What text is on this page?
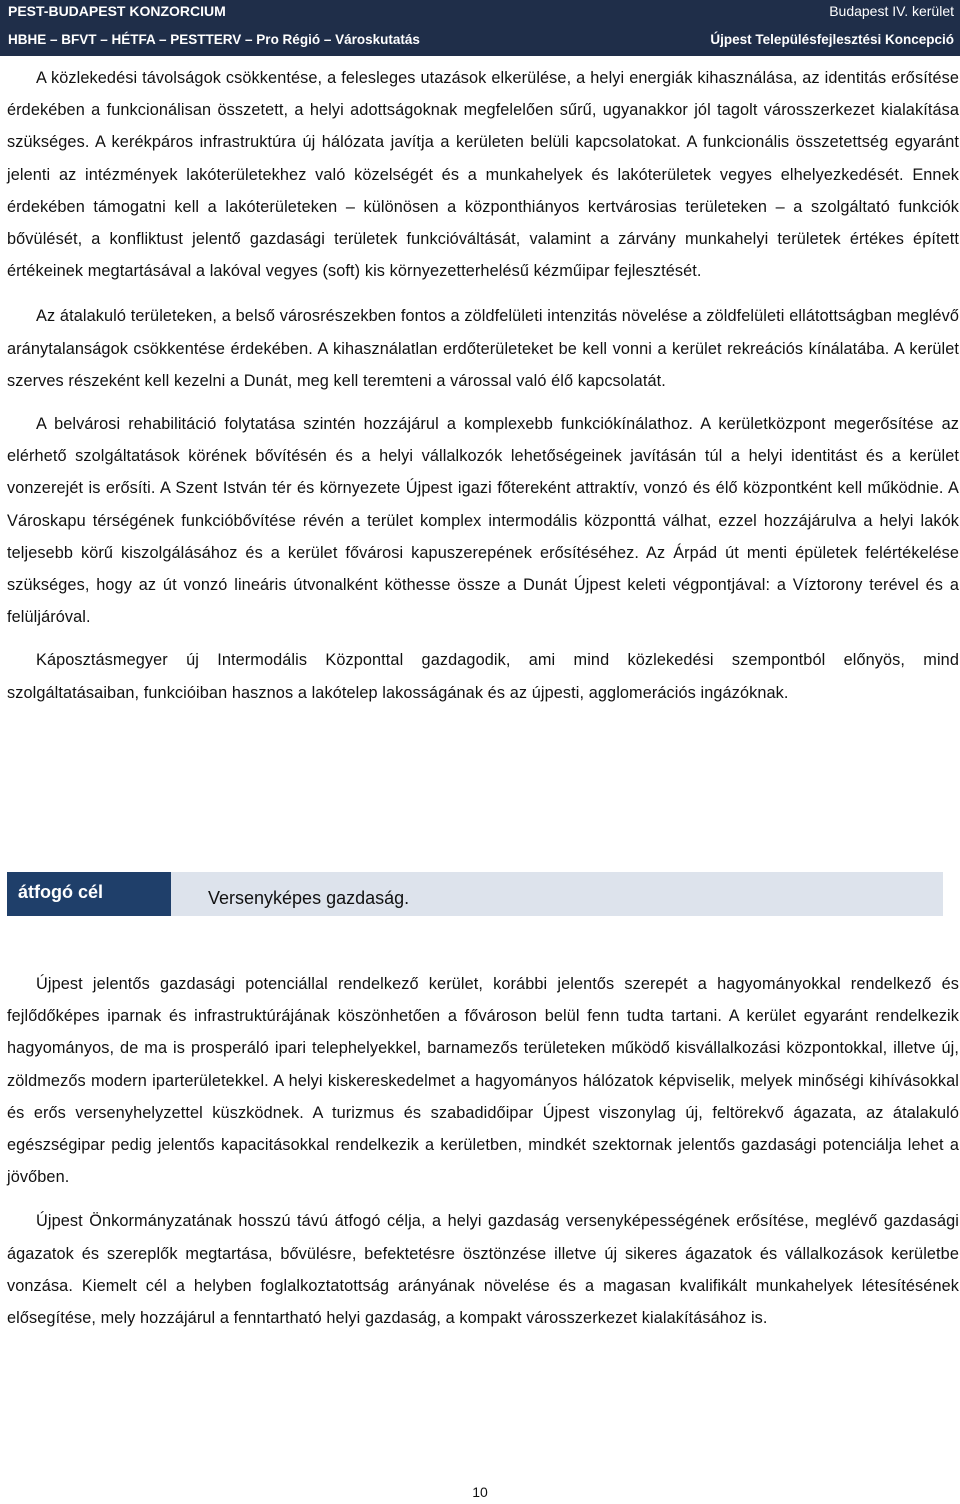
PEST-BUDAPEST KONZORCIUM	Budapest IV. kerület
HBHE – BFVT – HÉTFA – PESTTERV – Pro Régió – Városkutatás	Újpest Településfejlesztési Koncepció

A közlekedési távolságok csökkentése, a felesleges utazások elkerülése, a helyi energiák kihasználása, az identitás erősítése érdekében a funkcionálisan összetett, a helyi adottságoknak megfelelően sűrű, ugyanakkor jól tagolt városszerkezet kialakítása szükséges. A kerékpáros infrastruktúra új hálózata javítja a kerületen belüli kapcsolatokat. A funkcionális összetettség egyaránt jelenti az intézmények lakóterületekhez való közelségét és a munkahelyek és lakóterületek vegyes elhelyezkedését. Ennek érdekében támogatni kell a lakóterületeken – különösen a központhiányos kertvárosias területeken – a szolgáltató funkciók bővülését, a konfliktust jelentő gazdasági területek funkcióváltását, valamint a zárvány munkahelyi területek értékes épített értékeinek megtartásával a lakóval vegyes (soft) kis környezetterhelésű kézműipar fejlesztését.

Az átalakuló területeken, a belső városrészekben fontos a zöldfelületi intenzitás növelése a zöldfelületi ellátottságban meglévő aránytalanságok csökkentése érdekében. A kihasználatlan erdőterületeket be kell vonni a kerület rekreációs kínálatába. A kerület szerves részeként kell kezelni a Dunát, meg kell teremteni a várossal való élő kapcsolatát.

A belvárosi rehabilitáció folytatása szintén hozzájárul a komplexebb funkciókínálathoz. A kerületközpont megerősítése az elérhető szolgáltatások körének bővítésén és a helyi vállalkozók lehetőségeinek javításán túl a helyi identitást és a kerület vonzerejét is erősíti. A Szent István tér és környezete Újpest igazi főtereként attraktív, vonzó és élő központként kell működnie. A Városkapu térségének funkcióbővítése révén a terület komplex intermodális központtá válhat, ezzel hozzájárulva a helyi lakók teljesebb körű kiszolgálásához és a kerület fővárosi kapuszerepének erősítéséhez. Az Árpád út menti épületek felértékelése szükséges, hogy az út vonzó lineáris útvonalként köthesse össze a Dunát Újpest keleti végpontjával: a Víztorony terével és a felüljáróval.

Káposztásmegyer új Intermodális Központtal gazdagodik, ami mind közlekedési szempontból előnyös, mind szolgáltatásaiban, funkcióiban hasznos a lakótelep lakosságának és az újpesti, agglomerációs ingázóknak.

átfogó cél	Versenyképes gazdaság.

Újpest jelentős gazdasági potenciállal rendelkező kerület, korábbi jelentős szerepét a hagyományokkal rendelkező és fejlődőképes iparnak és infrastruktúrájának köszönhetően a fővároson belül fenn tudta tartani. A kerület egyaránt rendelkezik hagyományos, de ma is prosperáló ipari telephelyekkel, barnamezős területeken működő kisvállalkozási központokkal, illetve új, zöldmezős modern iparterületekkel. A helyi kiskereskedelmet a hagyományos hálózatok képviselik, melyek minőségi kihívásokkal és erős versenyhelyzettel küszködnek. A turizmus és szabadidőipar Újpest viszonylag új, feltörekvő ágazata, az átalakuló egészségipar pedig jelentős kapacitásokkal rendelkezik a kerületben, mindkét szektornak jelentős gazdasági potenciálja lehet a jövőben.

Újpest Önkormányzatának hosszú távú átfogó célja, a helyi gazdaság versenyképességének erősítése, meglévő gazdasági ágazatok és szereplők megtartása, bővülésre, befektetésre ösztönzése illetve új sikeres ágazatok és vállalkozások kerületbe vonzása. Kiemelt cél a helyben foglalkoztatottság arányának növelése és a magasan kvalifikált munkahelyek létesítésének elősegítése, mely hozzájárul a fenntartható helyi gazdaság, a kompakt városszerkezet kialakításához is.

10
